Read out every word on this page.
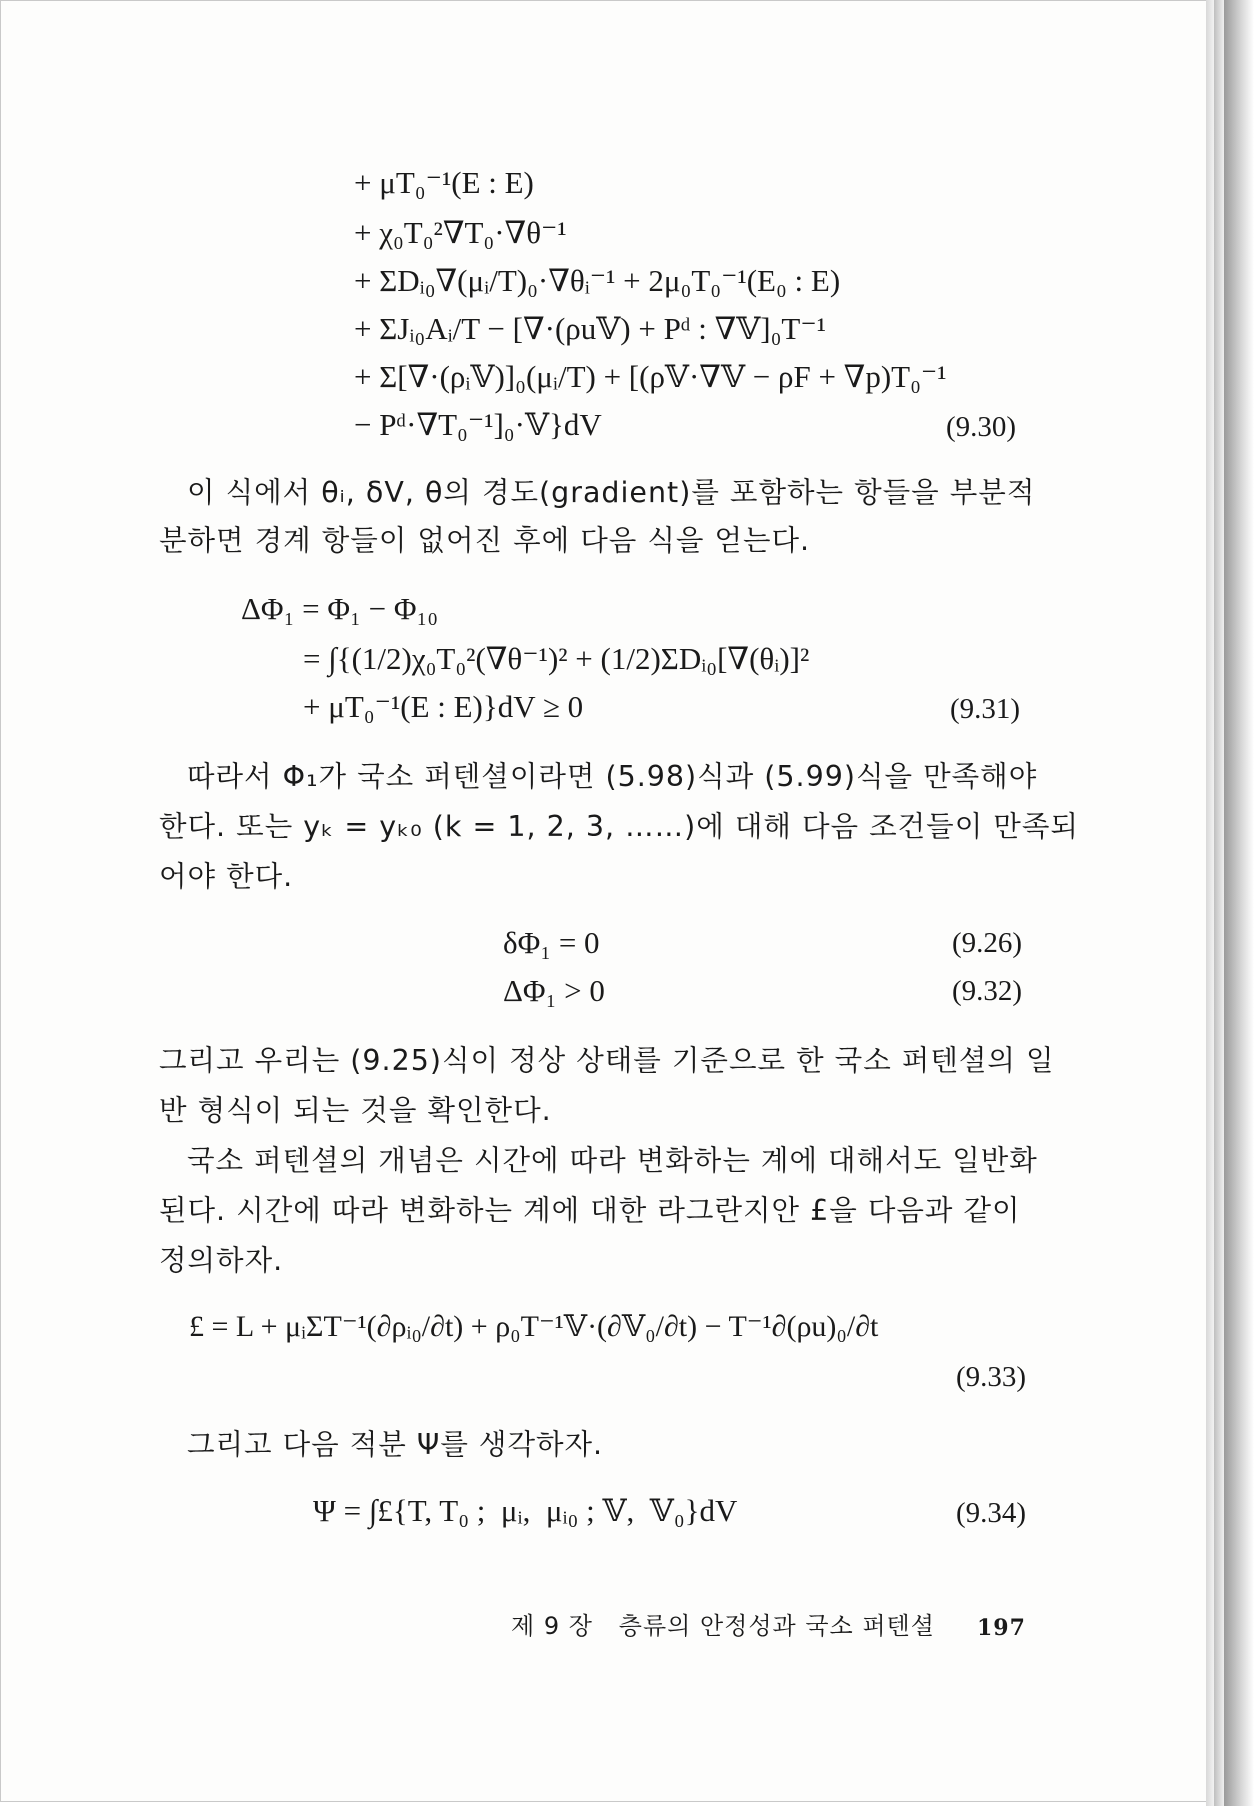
+ μT₀⁻¹(E : E)
+ χ₀T₀²∇T₀·∇θ⁻¹
+ ΣDᵢ₀∇(μᵢ/T)₀·∇θᵢ⁻¹ + 2μ₀T₀⁻¹(E₀ : E)
+ ΣJᵢ₀Aᵢ/T − [∇·(ρu𝕍) + Pᵈ : ∇𝕍]₀T⁻¹
+ Σ[∇·(ρᵢ𝕍)]₀(μᵢ/T) + [(ρ𝕍·∇𝕍 − ρF + ∇p)T₀⁻¹
− Pᵈ·∇T₀⁻¹]₀·𝕍}dV	(9.30)
이 식에서 θᵢ, δV, θ의 경도(gradient)를 포함하는 항들을 부분적
분하면 경계 항들이 없어진 후에 다음 식을 얻는다.
ΔΦ₁ = Φ₁ − Φ₁₀
= ∫{(1/2)χ₀T₀²(∇θ⁻¹)² + (1/2)ΣDᵢ₀[∇(θᵢ)]²
+ μT₀⁻¹(E : E)}dV ≥ 0	(9.31)
따라서 Φ₁가 국소 퍼텐셜이라면 (5.98)식과 (5.99)식을 만족해야
한다. 또는 yₖ = yₖ₀ (k = 1, 2, 3, ……)에 대해 다음 조건들이 만족되
어야 한다.
δΦ₁ = 0	(9.26)
ΔΦ₁ > 0	(9.32)
그리고 우리는 (9.25)식이 정상 상태를 기준으로 한 국소 퍼텐셜의 일
반 형식이 되는 것을 확인한다.
국소 퍼텐셜의 개념은 시간에 따라 변화하는 계에 대해서도 일반화
된다. 시간에 따라 변화하는 계에 대한 라그란지안 £을 다음과 같이
정의하자.
£ = L + μᵢΣT⁻¹(∂ρᵢ₀/∂t) + ρ₀T⁻¹𝕍·(∂𝕍₀/∂t) − T⁻¹∂(ρu)₀/∂t
(9.33)
그리고 다음 적분 Ψ를 생각하자.
Ψ = ∫£{T, T₀ ;  μᵢ,  μᵢ₀ ; 𝕍,  𝕍₀}dV	(9.34)
제 9 장   층류의 안정성과 국소 퍼텐셜 197
